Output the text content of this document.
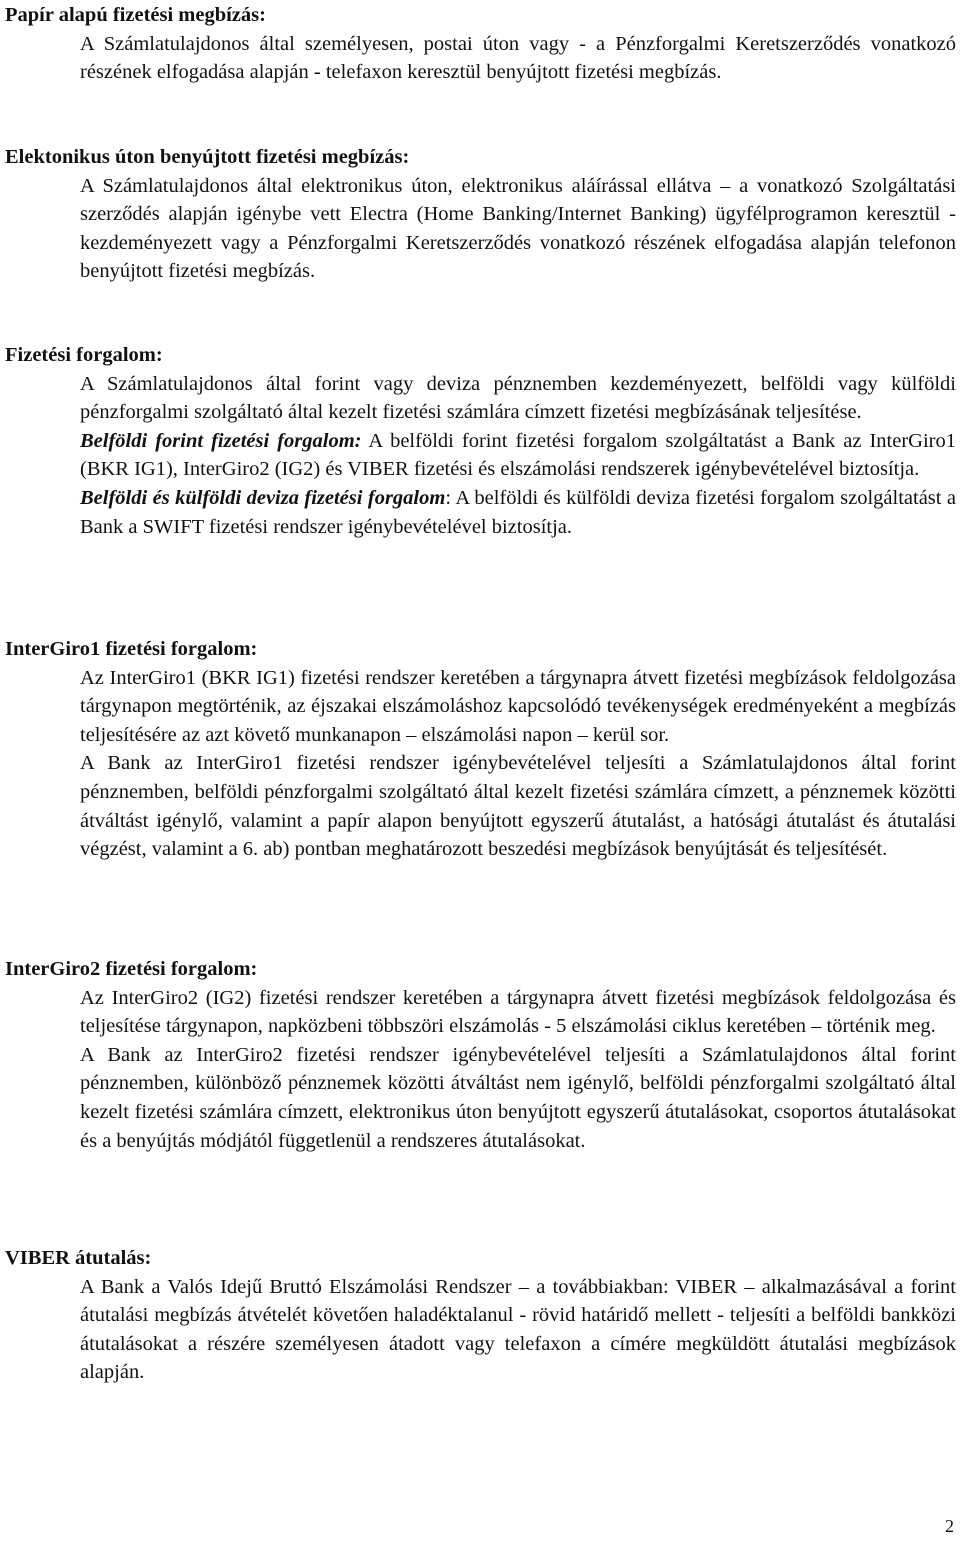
Papír alapú fizetési megbízás:

A Számlatulajdonos által személyesen, postai úton vagy - a Pénzforgalmi Keretszerződés vonatkozó részének elfogadása alapján - telefaxon keresztül benyújtott fizetési megbízás.

Elektonikus úton benyújtott fizetési megbízás:

A Számlatulajdonos által elektronikus úton, elektronikus aláírással ellátva – a vonatkozó Szolgáltatási szerződés alapján igénybe vett Electra (Home Banking/Internet Banking) ügyfélprogramon keresztül - kezdeményezett vagy a Pénzforgalmi Keretszerződés vonatkozó részének elfogadása alapján telefonon benyújtott fizetési megbízás.

Fizetési forgalom:

A Számlatulajdonos által forint vagy deviza pénznemben kezdeményezett, belföldi vagy külföldi pénzforgalmi szolgáltató által kezelt fizetési számlára címzett fizetési megbízásának teljesítése.

Belföldi forint fizetési forgalom: A belföldi forint fizetési forgalom szolgáltatást a Bank az InterGiro1 (BKR IG1), InterGiro2 (IG2) és VIBER fizetési és elszámolási rendszerek igénybevételével biztosítja.

Belföldi és külföldi deviza fizetési forgalom: A belföldi és külföldi deviza fizetési forgalom szolgáltatást a Bank a SWIFT fizetési rendszer igénybevételével biztosítja.

InterGiro1 fizetési forgalom:

Az InterGiro1 (BKR IG1) fizetési rendszer keretében a tárgynapra átvett fizetési megbízások feldolgozása tárgynapon megtörténik, az éjszakai elszámoláshoz kapcsolódó tevékenységek eredményeként a megbízás teljesítésére az azt követő munkanapon – elszámolási napon – kerül sor.

A Bank az InterGiro1 fizetési rendszer igénybevételével teljesíti a Számlatulajdonos által forint pénznemben, belföldi pénzforgalmi szolgáltató által kezelt fizetési számlára címzett, a pénznemek közötti átváltást igénylő, valamint a papír alapon benyújtott egyszerű átutalást, a hatósági átutalást és átutalási végzést, valamint a 6. ab) pontban meghatározott beszedési megbízások benyújtását és teljesítését.

InterGiro2 fizetési forgalom:

Az InterGiro2 (IG2) fizetési rendszer keretében a tárgynapra átvett fizetési megbízások feldolgozása és teljesítése tárgynapon, napközbeni többszöri elszámolás - 5 elszámolási ciklus keretében – történik meg.

A Bank az InterGiro2 fizetési rendszer igénybevételével teljesíti a Számlatulajdonos által forint pénznemben, különböző pénznemek közötti átváltást nem igénylő, belföldi pénzforgalmi szolgáltató által kezelt fizetési számlára címzett, elektronikus úton benyújtott egyszerű átutalásokat, csoportos átutalásokat és a benyújtás módjától függetlenül a rendszeres átutalásokat.

VIBER átutalás:

A Bank a Valós Idejű Bruttó Elszámolási Rendszer – a továbbiakban: VIBER – alkalmazásával a forint átutalási megbízás átvételét követően haladéktalanul - rövid határidő mellett - teljesíti a belföldi bankközi átutalásokat a részére személyesen átadott vagy telefaxon a címére megküldött átutalási megbízások alapján.

2
